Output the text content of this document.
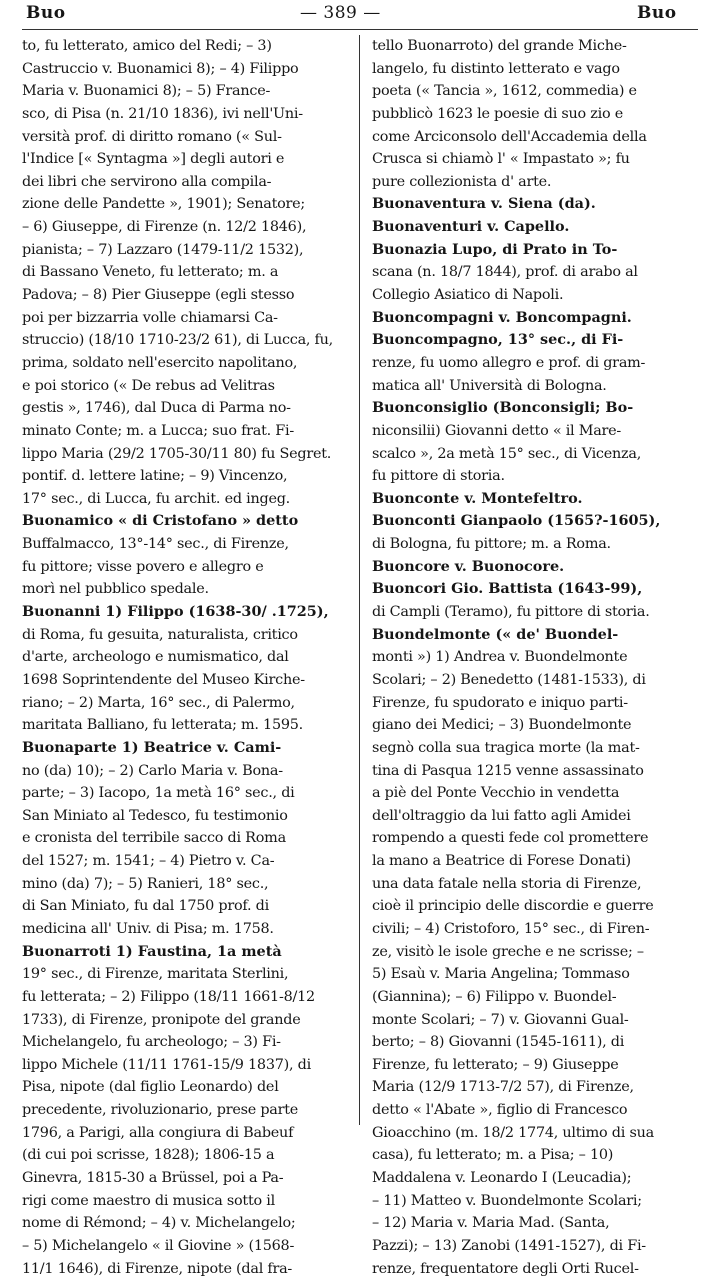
Buo	— 389 —	Buo
to, fu letterato, amico del Redi; – 3)
Castruccio v. Buonamici 8); – 4) Filippo
Maria v. Buonamici 8); – 5) France-
sco, di Pisa (n. 21/10 1836), ivi nell'Uni-
versità prof. di diritto romano (« Sul-
l'Indice [« Syntagma »] degli autori e
dei libri che servirono alla compila-
zione delle Pandette », 1901); Senatore;
– 6) Giuseppe, di Firenze (n. 12/2 1846),
pianista; – 7) Lazzaro (1479-11/2 1532),
di Bassano Veneto, fu letterato; m. a
Padova; – 8) Pier Giuseppe (egli stesso
poi per bizzarria volle chiamarsi Ca-
struccio) (18/10 1710-23/2 61), di Lucca, fu,
prima, soldato nell'esercito napolitano,
e poi storico (« De rebus ad Velitras
gestis », 1746), dal Duca di Parma no-
minato Conte; m. a Lucca; suo frat. Fi-
lippo Maria (29/2 1705-30/11 80) fu Segret.
pontif. d. lettere latine; – 9) Vincenzo,
17° sec., di Lucca, fu archit. ed ingeg.
Buonamico « di Cristofano » detto
Buffalmacco, 13°-14° sec., di Firenze,
fu pittore; visse povero e allegro e
morì nel pubblico spedale.
Buonanni 1) Filippo (1638-30/ .1725),
di Roma, fu gesuita, naturalista, critico
d'arte, archeologo e numismatico, dal
1698 Soprintendente del Museo Kirche-
riano; – 2) Marta, 16° sec., di Palermo,
maritata Balliano, fu letterata; m. 1595.
Buonaparte 1) Beatrice v. Cami-
no (da) 10); – 2) Carlo Maria v. Bona-
parte; – 3) Iacopo, 1a metà 16° sec., di
San Miniato al Tedesco, fu testimonio
e cronista del terribile sacco di Roma
del 1527; m. 1541; – 4) Pietro v. Ca-
mino (da) 7); – 5) Ranieri, 18° sec.,
di San Miniato, fu dal 1750 prof. di
medicina all' Univ. di Pisa; m. 1758.
Buonarroti 1) Faustina, 1a metà
19° sec., di Firenze, maritata Sterlini,
fu letterata; – 2) Filippo (18/11 1661-8/12
1733), di Firenze, pronipote del grande
Michelangelo, fu archeologo; – 3) Fi-
lippo Michele (11/11 1761-15/9 1837), di
Pisa, nipote (dal figlio Leonardo) del
precedente, rivoluzionario, prese parte
1796, a Parigi, alla congiura di Babeuf
(di cui poi scrisse, 1828); 1806-15 a
Ginevra, 1815-30 a Brüssel, poi a Pa-
rigi come maestro di musica sotto il
nome di Rémond; – 4) v. Michelangelo;
– 5) Michelangelo « il Giovine » (1568-
11/1 1646), di Firenze, nipote (dal fra-
tello Buonarroto) del grande Miche-
langelo, fu distinto letterato e vago
poeta (« Tancia », 1612, commedia) e
pubblicò 1623 le poesie di suo zio e
come Arciconsolo dell'Accademia della
Crusca si chiamò l' « Impastato »; fu
pure collezionista d' arte.
Buonaventura v. Siena (da).
Buonaventuri v. Capello.
Buonazia Lupo, di Prato in To-
scana (n. 18/7 1844), prof. di arabo al
Collegio Asiatico di Napoli.
Buoncompagni v. Boncompagni.
Buoncompagno, 13° sec., di Fi-
renze, fu uomo allegro e prof. di gram-
matica all' Università di Bologna.
Buonconsiglio (Bonconsigli; Bo-
niconsilii) Giovanni detto « il Mare-
scalco », 2a metà 15° sec., di Vicenza,
fu pittore di storia.
Buonconte v. Montefeltro.
Buonconti Gianpaolo (1565?-1605),
di Bologna, fu pittore; m. a Roma.
Buoncore v. Buonocore.
Buoncori Gio. Battista (1643-99),
di Campli (Teramo), fu pittore di storia.
Buondelmonte (« de' Buondel-
monti ») 1) Andrea v. Buondelmonte
Scolari; – 2) Benedetto (1481-1533), di
Firenze, fu spudorato e iniquo parti-
giano dei Medici; – 3) Buondelmonte
segnò colla sua tragica morte (la mat-
tina di Pasqua 1215 venne assassinato
a piè del Ponte Vecchio in vendetta
dell'oltraggio da lui fatto agli Amidei
rompendo a questi fede col promettere
la mano a Beatrice di Forese Donati)
una data fatale nella storia di Firenze,
cioè il principio delle discordie e guerre
civili; – 4) Cristoforo, 15° sec., di Firen-
ze, visitò le isole greche e ne scrisse; –
5) Esaù v. Maria Angelina; Tommaso
(Giannina); – 6) Filippo v. Buondel-
monte Scolari; – 7) v. Giovanni Gual-
berto; – 8) Giovanni (1545-1611), di
Firenze, fu letterato; – 9) Giuseppe
Maria (12/9 1713-7/2 57), di Firenze,
detto « l'Abate », figlio di Francesco
Gioacchino (m. 18/2 1774, ultimo di sua
casa), fu letterato; m. a Pisa; – 10)
Maddalena v. Leonardo I (Leucadia);
– 11) Matteo v. Buondelmonte Scolari;
– 12) Maria v. Maria Mad. (Santa,
Pazzi); – 13) Zanobi (1491-1527), di Fi-
renze, frequentatore degli Orti Rucel-
